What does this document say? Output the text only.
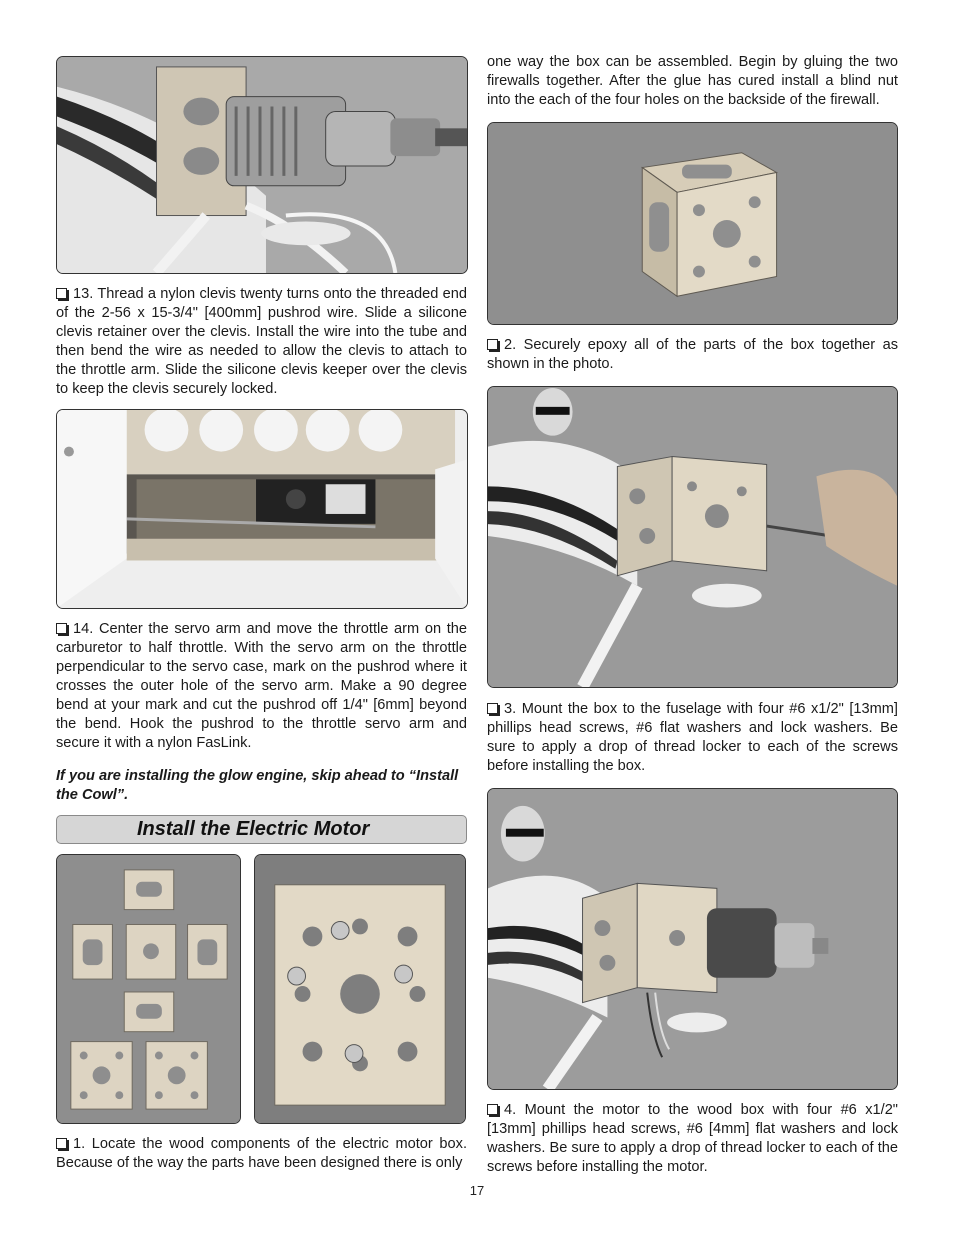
13. Thread a nylon clevis twenty turns onto the threaded end of the 2-56 x 15-3/4" [400mm] pushrod wire. Slide a silicone clevis retainer over the clevis. Install the wire into the tube and then bend the wire as needed to allow the clevis to attach to the throttle arm. Slide the silicone clevis keeper over the clevis to keep the clevis securely locked.

14. Center the servo arm and move the throttle arm on the carburetor to half throttle. With the servo arm on the throttle perpendicular to the servo case, mark on the pushrod where it crosses the outer hole of the servo arm. Make a 90 degree bend at your mark and cut the pushrod off 1/4" [6mm] beyond the bend. Hook the pushrod to the throttle servo arm and secure it with a nylon FasLink.

If you are installing the glow engine, skip ahead to “Install the Cowl”.

Install the Electric Motor

1. Locate the wood components of the electric motor box. Because of the way the parts have been designed there is only

one way the box can be assembled. Begin by gluing the two firewalls together. After the glue has cured install a blind nut into the each of the four holes on the backside of the firewall.

2. Securely epoxy all of the parts of the box together as shown in the photo.

3. Mount the box to the fuselage with four #6 x1/2" [13mm] phillips head screws, #6 flat washers and lock washers. Be sure to apply a drop of thread locker to each of the screws before installing the box.

4. Mount the motor to the wood box with four #6 x1/2" [13mm] phillips head screws, #6 [4mm] flat washers and lock washers. Be sure to apply a drop of thread locker to each of the screws before installing the motor.

17
